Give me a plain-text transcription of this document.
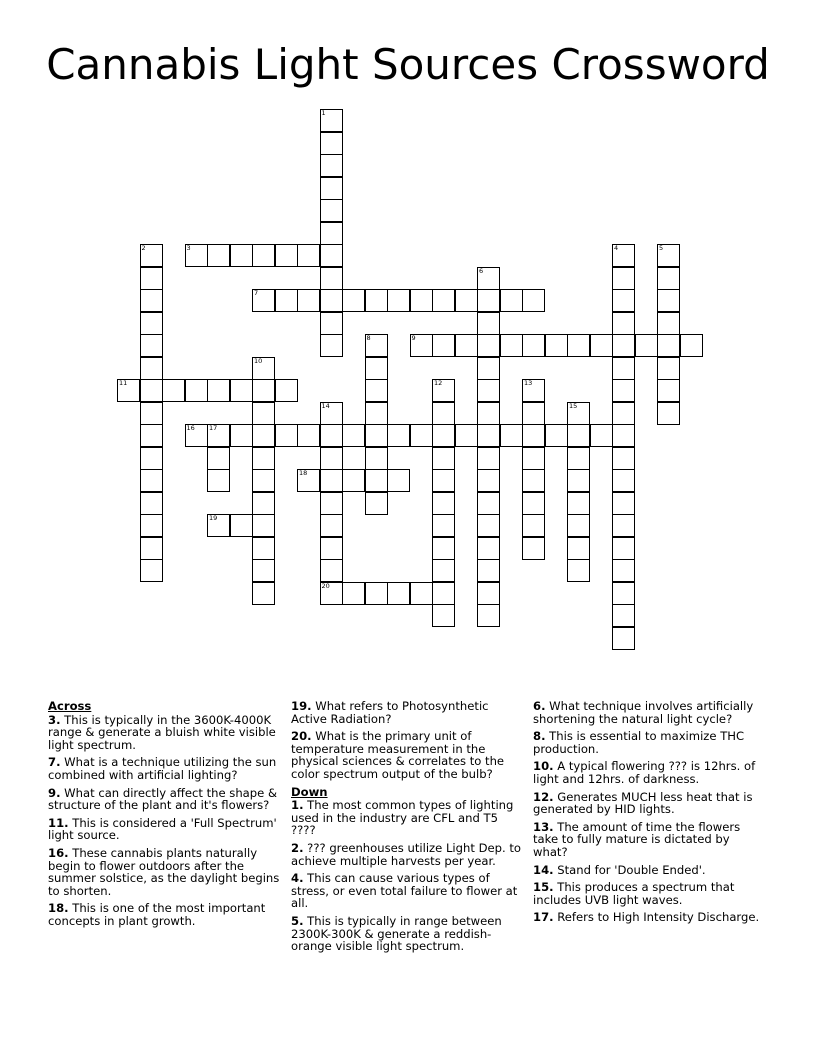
Cannabis Light Sources Crossword
1
2	4	5
6
8
10
12	13
14	15
17
3
7
9
11
16
18
19
20

Across

3. This is typically in the 3600K-4000K range & generate a bluish white visible light spectrum.

7. What is a technique utilizing the sun combined with artificial lighting?

9. What can directly affect the shape & structure of the plant and it's flowers?

11. This is considered a 'Full Spectrum' light source.

16. These cannabis plants naturally begin to flower outdoors after the summer solstice, as the daylight begins to shorten.

18. This is one of the most important concepts in plant growth.

19. What refers to Photosynthetic Active Radiation?

20. What is the primary unit of temperature measurement in the physical sciences & correlates to the color spectrum output of the bulb?

Down

1. The most common types of lighting used in the industry are CFL and T5 ????

2. ??? greenhouses utilize Light Dep. to achieve multiple harvests per year.

4. This can cause various types of stress, or even total failure to flower at all.

5. This is typically in range between 2300K-300K & generate a reddish-orange visible light spectrum.

6. What technique involves artificially shortening the natural light cycle?

8. This is essential to maximize THC production.

10. A typical flowering ??? is 12hrs. of light and 12hrs. of darkness.

12. Generates MUCH less heat that is generated by HID lights.

13. The amount of time the flowers take to fully mature is dictated by what?

14. Stand for 'Double Ended'.

15. This produces a spectrum that includes UVB light waves.

17. Refers to High Intensity Discharge.
